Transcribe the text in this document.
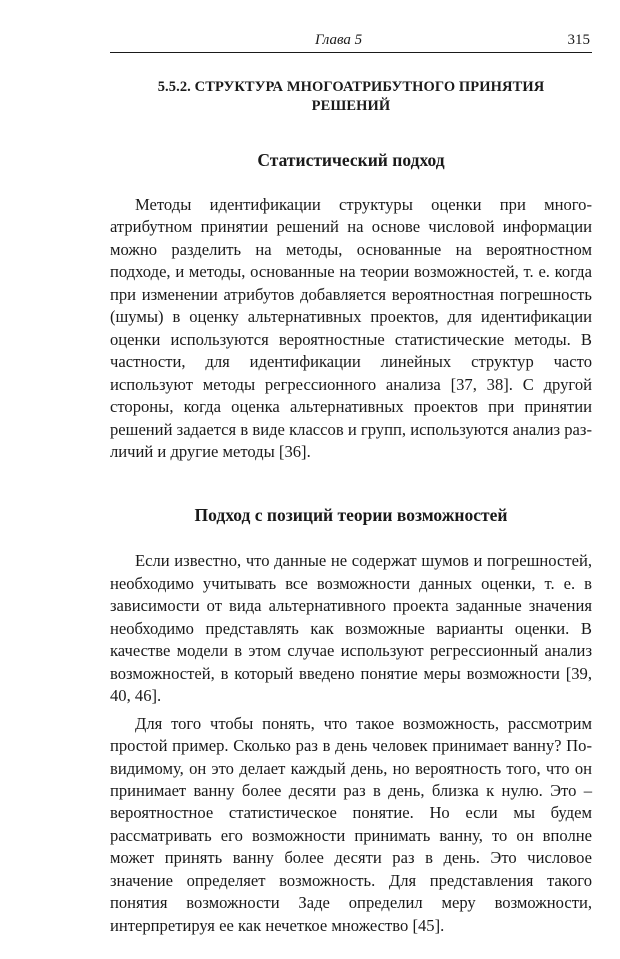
Глава 5	315
5.5.2. СТРУКТУРА МНОГОАТРИБУТНОГО ПРИНЯТИЯ
РЕШЕНИЙ
Статистический подход

Методы идентификации структуры оценки при многоатрибутном принятии решений на основе числовой информации можно разделить на методы, основанные на вероятностном подходе, и методы, основанные на теории возможностей, т. е. когда при изменении атрибутов добавляется вероятностная погрешность (шумы) в оценку альтернативных проектов, для идентификации оценки используются вероятностные статистические методы. В частности, для идентификации линейных структур часто используют методы регрессионного анализа [37, 38]. С другой стороны, когда оценка альтернативных проектов при принятии решений задается в виде классов и групп, используются анализ различий и другие методы [36].

Подход с позиций теории возможностей

Если известно, что данные не содержат шумов и погрешностей, необходимо учитывать все возможности данных оценки, т. е. в зависимости от вида альтернативного проекта заданные значения необходимо представлять как возможные варианты оценки. В качестве модели в этом случае используют регрессионный анализ возможностей, в который введено понятие меры возможности [39, 40, 46].

Для того чтобы понять, что такое возможность, рассмотрим простой пример. Сколько раз в день человек принимает ванну? По-видимому, он это делает каждый день, но вероятность того, что он принимает ванну более десяти раз в день, близка к нулю. Это – вероятностное статистическое понятие. Но если мы будем рассматривать его возможности принимать ванну, то он вполне может принять ванну более десяти раз в день. Это числовое значение определяет возможность. Для представления такого понятия возможности Заде определил меру возможности, интерпретируя ее как нечеткое множество [45].
